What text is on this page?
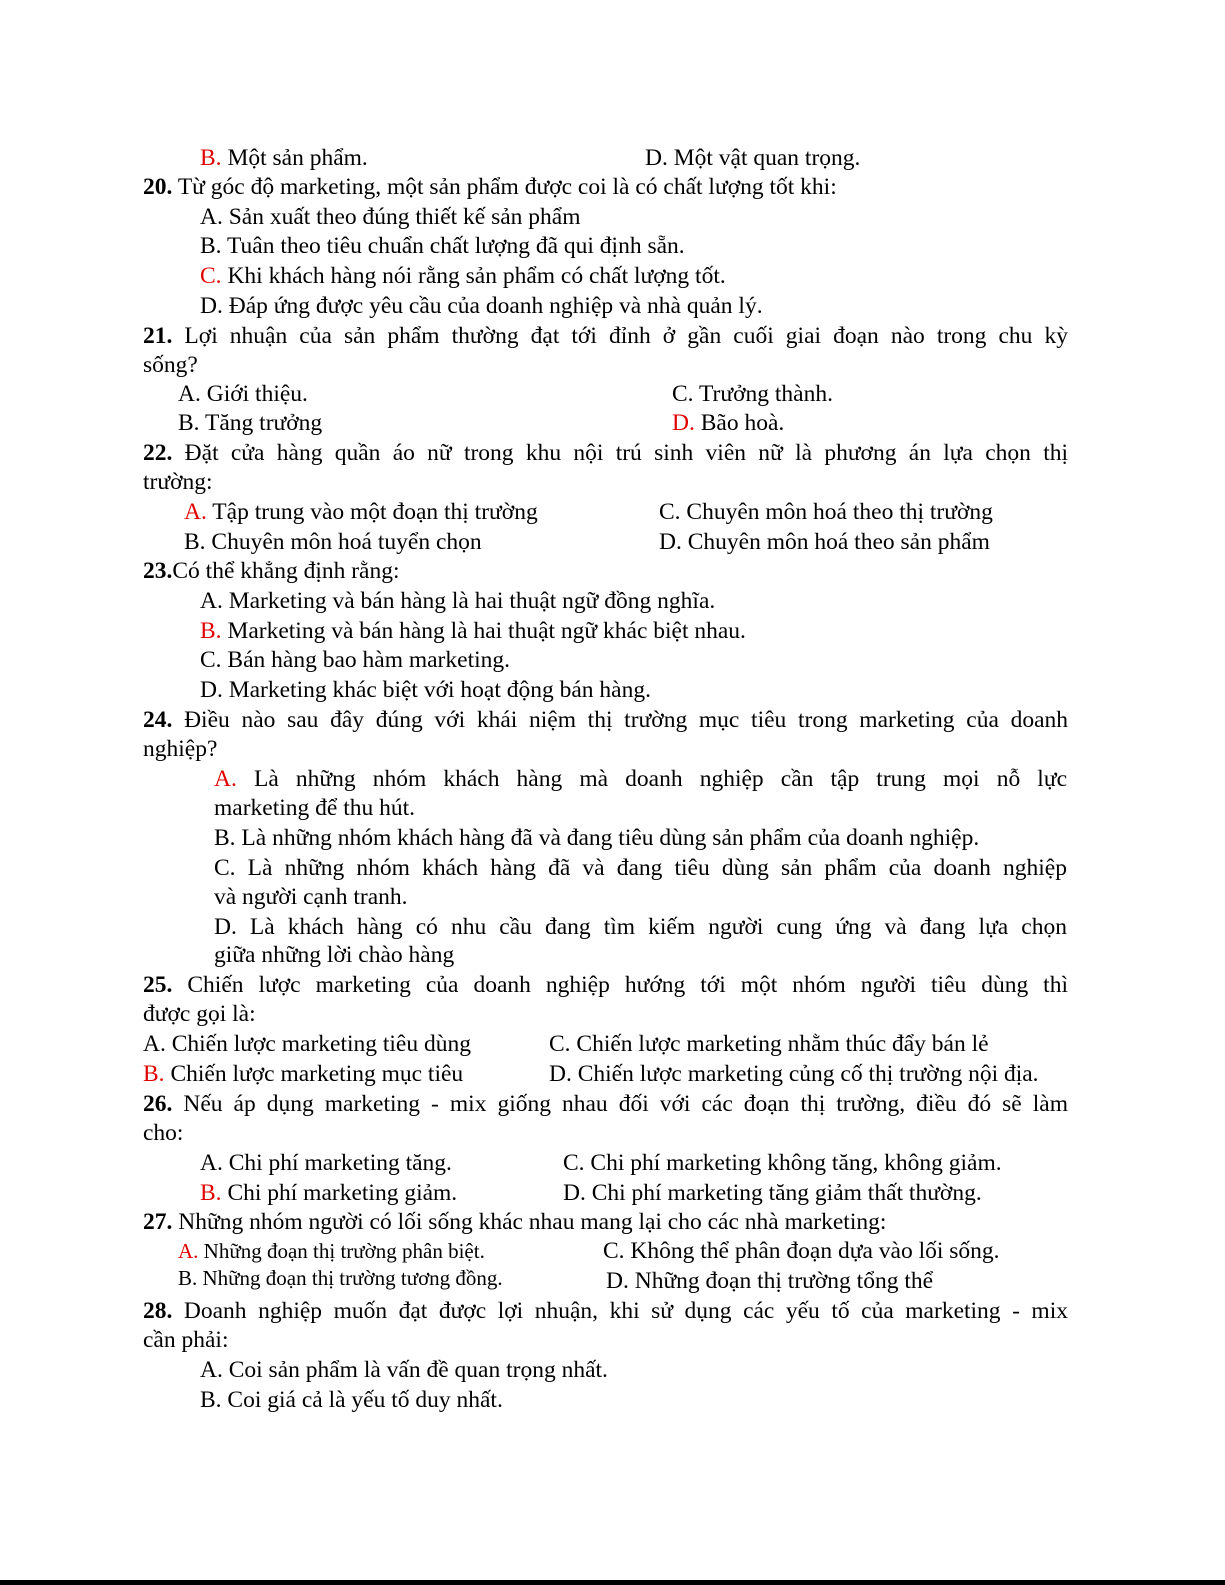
B. Một sản phẩm.	D. Một vật quan trọng.
20. Từ góc độ marketing, một sản phẩm được coi là có chất lượng tốt khi:
A. Sản xuất theo đúng thiết kế sản phẩm
B. Tuân theo tiêu chuẩn chất lượng đã qui định sẵn.
C. Khi khách hàng nói rằng sản phẩm có chất lượng tốt.
D. Đáp ứng được yêu cầu của doanh nghiệp và nhà quản lý.
21. Lợi nhuận của sản phẩm thường đạt tới đỉnh ở gần cuối giai đoạn nào trong chu kỳ
sống?
A. Giới thiệu.	C. Trưởng thành.
B. Tăng trưởng	D. Bão hoà.
22. Đặt cửa hàng quần áo nữ trong khu nội trú sinh viên nữ là phương án lựa chọn thị
trường:
A. Tập trung vào một đoạn thị trường	C. Chuyên môn hoá theo thị trường
B. Chuyên môn hoá tuyển chọn	D. Chuyên môn hoá theo sản phẩm
23.Có thể khẳng định rằng:
A. Marketing và bán hàng là hai thuật ngữ đồng nghĩa.
B. Marketing và bán hàng là hai thuật ngữ khác biệt nhau.
C. Bán hàng bao hàm marketing.
D. Marketing khác biệt với hoạt động bán hàng.
24. Điều nào sau đây đúng với khái niệm thị trường mục tiêu trong marketing của doanh
nghiệp?
A. Là những nhóm khách hàng mà doanh nghiệp cần tập trung mọi nỗ lực
marketing để thu hút.
B. Là những nhóm khách hàng đã và đang tiêu dùng sản phẩm của doanh nghiệp.
C. Là những nhóm khách hàng đã và đang tiêu dùng sản phẩm của doanh nghiệp
và người cạnh tranh.
D. Là khách hàng có nhu cầu đang tìm kiếm người cung ứng và đang lựa chọn
giữa những lời chào hàng
25. Chiến lược marketing của doanh nghiệp hướng tới một nhóm người tiêu dùng thì
được gọi là:
A. Chiến lược marketing tiêu dùng	C. Chiến lược marketing nhằm thúc đẩy bán lẻ
B. Chiến lược marketing mục tiêu	D. Chiến lược marketing củng cố thị trường nội địa.
26. Nếu áp dụng marketing - mix giống nhau đối với các đoạn thị trường, điều đó sẽ làm
cho:
A. Chi phí marketing tăng.	C. Chi phí marketing không tăng, không giảm.
B. Chi phí marketing giảm.	D. Chi phí marketing tăng giảm thất thường.
27. Những nhóm người có lối sống khác nhau mang lại cho các nhà marketing:
A. Những đoạn thị trường phân biệt.	C. Không thể phân đoạn dựa vào lối sống.
B. Những đoạn thị trường tương đồng.	D. Những đoạn thị trường tổng thể
28. Doanh nghiệp muốn đạt được lợi nhuận, khi sử dụng các yếu tố của marketing - mix
cần phải:
A. Coi sản phẩm là vấn đề quan trọng nhất.
B. Coi giá cả là yếu tố duy nhất.
